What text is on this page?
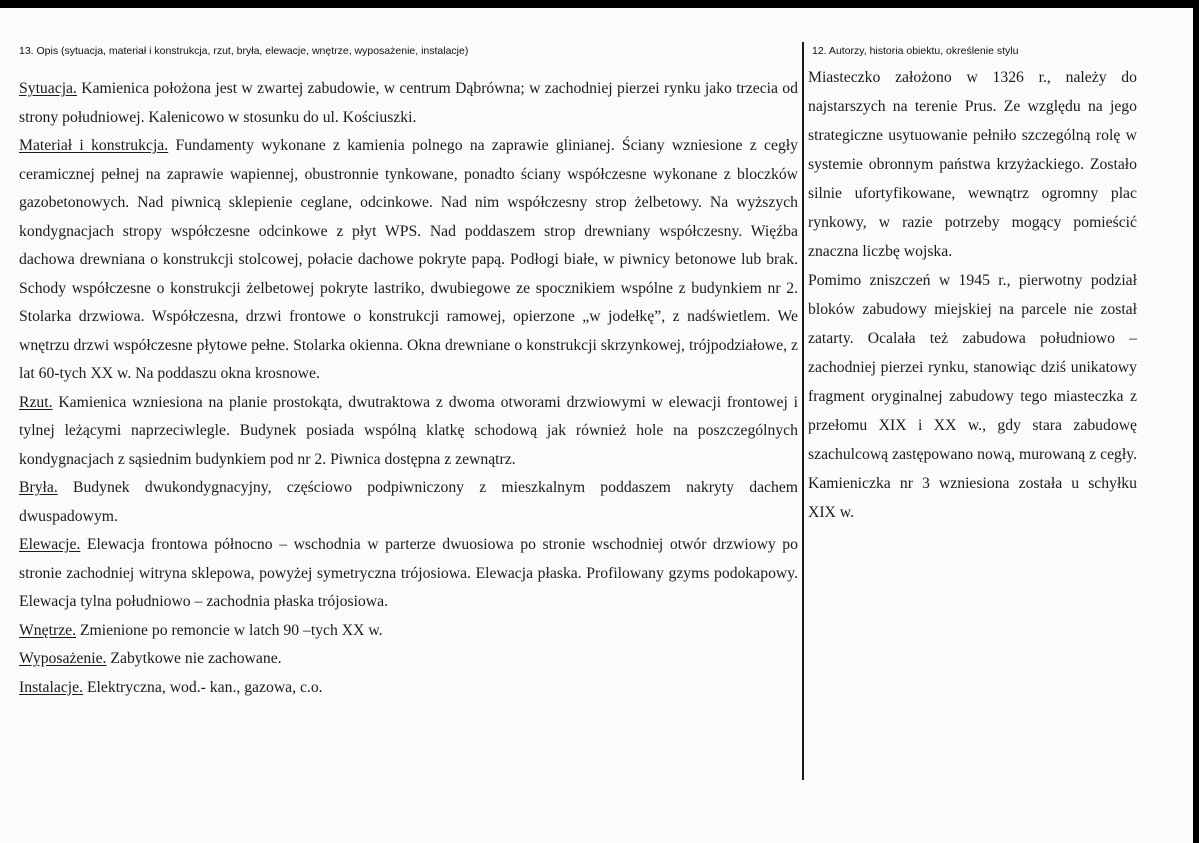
13. Opis (sytuacja, materiał i konstrukcja, rzut, bryła, elewacje, wnętrze, wyposażenie, instalacje)	12. Autorzy, historia obiektu, określenie stylu

Sytuacja. Kamienica położona jest w zwartej zabudowie, w centrum Dąbrówna; w zachodniej pierzei rynku jako trzecia od strony południowej. Kalenicowo w stosunku do ul. Kościuszki.

Materiał i konstrukcja. Fundamenty wykonane z kamienia polnego na zaprawie glinianej. Ściany wzniesione z cegły ceramicznej pełnej na zaprawie wapiennej, obustronnie tynkowane, ponadto ściany współczesne wykonane z bloczków gazobetonowych. Nad piwnicą sklepienie ceglane, odcinkowe. Nad nim współczesny strop żelbetowy. Na wyższych kondygnacjach stropy współczesne odcinkowe z płyt WPS. Nad poddaszem strop drewniany współczesny. Więźba dachowa drewniana o konstrukcji stolcowej, połacie dachowe pokryte papą. Podłogi białe, w piwnicy betonowe lub brak. Schody współczesne o konstrukcji żelbetowej pokryte lastriko, dwubiegowe ze spocznikiem wspólne z budynkiem nr 2. Stolarka drzwiowa. Współczesna, drzwi frontowe o konstrukcji ramowej, opierzone „w jodełkę”, z nadświetlem. We wnętrzu drzwi współczesne płytowe pełne. Stolarka okienna. Okna drewniane o konstrukcji skrzynkowej, trójpodziałowe, z lat 60-tych XX w. Na poddaszu okna krosnowe.

Rzut. Kamienica wzniesiona na planie prostokąta, dwutraktowa z dwoma otworami drzwiowymi w elewacji frontowej i tylnej leżącymi naprzeciwlegle. Budynek posiada wspólną klatkę schodową jak również hole na poszczególnych kondygnacjach z sąsiednim budynkiem pod nr 2. Piwnica dostępna z zewnątrz.

Bryła. Budynek dwukondygnacyjny, częściowo podpiwniczony z mieszkalnym poddaszem nakryty dachem dwuspadowym.

Elewacje. Elewacja frontowa północno – wschodnia w parterze dwuosiowa po stronie wschodniej otwór drzwiowy po stronie zachodniej witryna sklepowa, powyżej symetryczna trójosiowa. Elewacja płaska. Profilowany gzyms podokapowy. Elewacja tylna południowo – zachodnia płaska trójosiowa.

Wnętrze. Zmienione po remoncie w latch 90 –tych XX w.

Wyposażenie. Zabytkowe nie zachowane.

Instalacje. Elektryczna, wod.- kan., gazowa, c.o.

Miasteczko założono w 1326 r., należy do najstarszych na terenie Prus. Ze względu na jego strategiczne usytuowanie pełniło szczególną rolę w systemie obronnym państwa krzyżackiego. Zostało silnie ufortyfikowane, wewnątrz ogromny plac rynkowy, w razie potrzeby mogący pomieścić znaczna liczbę wojska.

Pomimo zniszczeń w 1945 r., pierwotny podział bloków zabudowy miejskiej na parcele nie został zatarty. Ocalała też zabudowa południowo – zachodniej pierzei rynku, stanowiąc dziś unikatowy fragment oryginalnej zabudowy tego miasteczka z przełomu XIX i XX w., gdy stara zabudowę szachulcową zastępowano nową, murowaną z cegły. Kamieniczka nr 3 wzniesiona została u schyłku XIX w.
